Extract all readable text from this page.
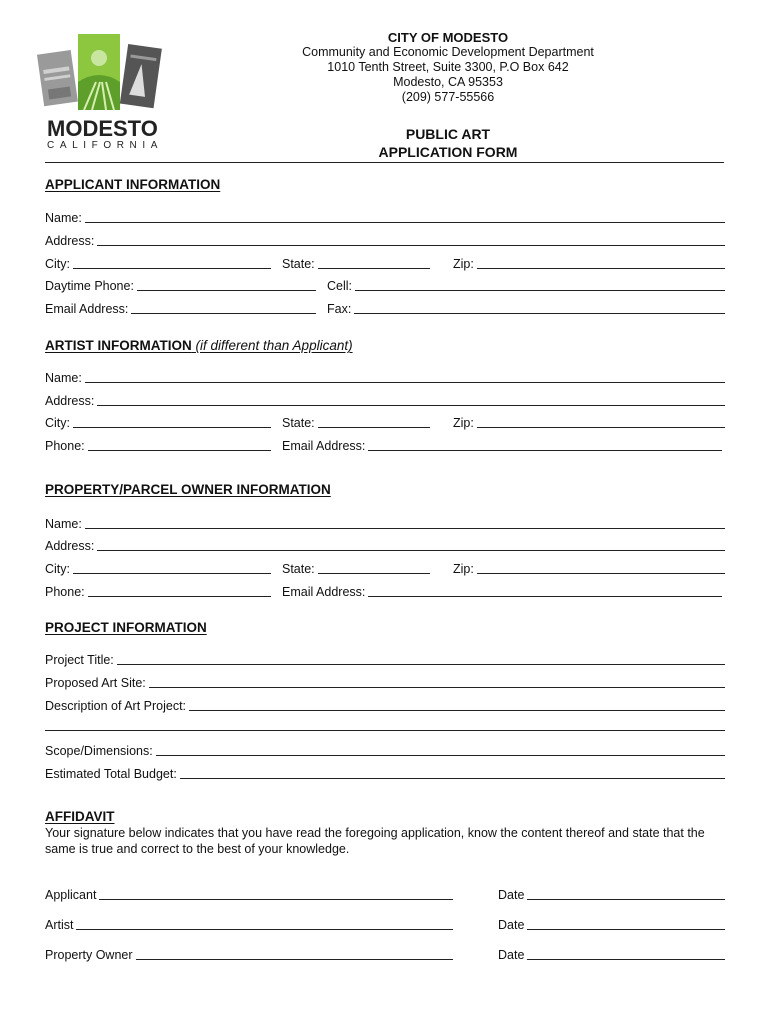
MODESTO
CALIFORNIA
CITY OF MODESTO
Community and Economic Development Department
1010 Tenth Street, Suite 3300, P.O Box 642
Modesto, CA 95353
(209) 577-55566
PUBLIC ART
APPLICATION FORM
APPLICANT INFORMATION
Name:
Address:
City:	State:	Zip:
Daytime Phone:	Cell:
Email Address:	Fax:
ARTIST INFORMATION (if different than Applicant)
Name:
Address:
City:	State:	Zip:
Phone:	Email Address:
PROPERTY/PARCEL OWNER INFORMATION
Name:
Address:
City:	State:	Zip:
Phone:	Email Address:
PROJECT INFORMATION
Project Title:
Proposed Art Site:
Description of Art Project:
Scope/Dimensions:
Estimated Total Budget:
AFFIDAVIT
Your signature below indicates that you have read the foregoing application, know the content thereof and state that the same is true and correct to the best of your knowledge.
Applicant	Date
Artist	Date
Property Owner	Date
